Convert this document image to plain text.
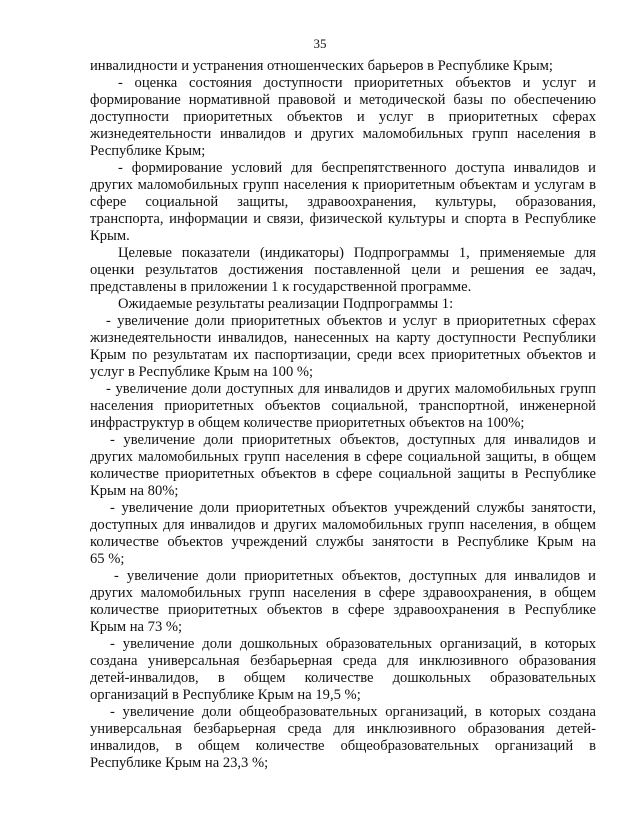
35
инвалидности и устранения отношенческих барьеров в Республике Крым;
- оценка состояния доступности приоритетных объектов и услуг и
формирование нормативной правовой и методической базы по обеспечению
доступности приоритетных объектов и услуг в приоритетных сферах
жизнедеятельности инвалидов и других маломобильных групп населения в
Республике Крым;
- формирование условий для беспрепятственного доступа инвалидов и
других маломобильных групп населения к приоритетным объектам и услугам в
сфере социальной защиты, здравоохранения, культуры, образования,
транспорта, информации и связи, физической культуры и спорта в Республике
Крым.
Целевые показатели (индикаторы) Подпрограммы 1, применяемые для
оценки результатов достижения поставленной цели и решения ее задач,
представлены в приложении 1 к государственной программе.
Ожидаемые результаты реализации Подпрограммы 1:
- увеличение доли приоритетных объектов и услуг в приоритетных сферах
жизнедеятельности инвалидов, нанесенных на карту доступности Республики
Крым по результатам их паспортизации, среди всех приоритетных объектов и
услуг в Республике Крым на 100 %;
- увеличение доли доступных для инвалидов и других маломобильных групп
населения приоритетных объектов социальной, транспортной, инженерной
инфраструктур в общем количестве приоритетных объектов на 100%;
- увеличение доли приоритетных объектов, доступных для инвалидов и
других маломобильных групп населения в сфере социальной защиты, в общем
количестве приоритетных объектов в сфере социальной защиты в Республике
Крым на 80%;
- увеличение доли приоритетных объектов учреждений службы занятости,
доступных для инвалидов и других маломобильных групп населения, в общем
количестве объектов учреждений службы занятости в Республике Крым на
65 %;
- увеличение доли приоритетных объектов, доступных для инвалидов и
других маломобильных групп населения в сфере здравоохранения, в общем
количестве приоритетных объектов в сфере здравоохранения в Республике
Крым на 73 %;
- увеличение доли дошкольных образовательных организаций, в которых
создана универсальная безбарьерная среда для инклюзивного образования
детей-инвалидов, в общем количестве дошкольных образовательных
организаций в Республике Крым на 19,5 %;
- увеличение доли общеобразовательных организаций, в которых создана
универсальная безбарьерная среда для инклюзивного образования детей-
инвалидов, в общем количестве общеобразовательных организаций в
Республике Крым на 23,3 %;
